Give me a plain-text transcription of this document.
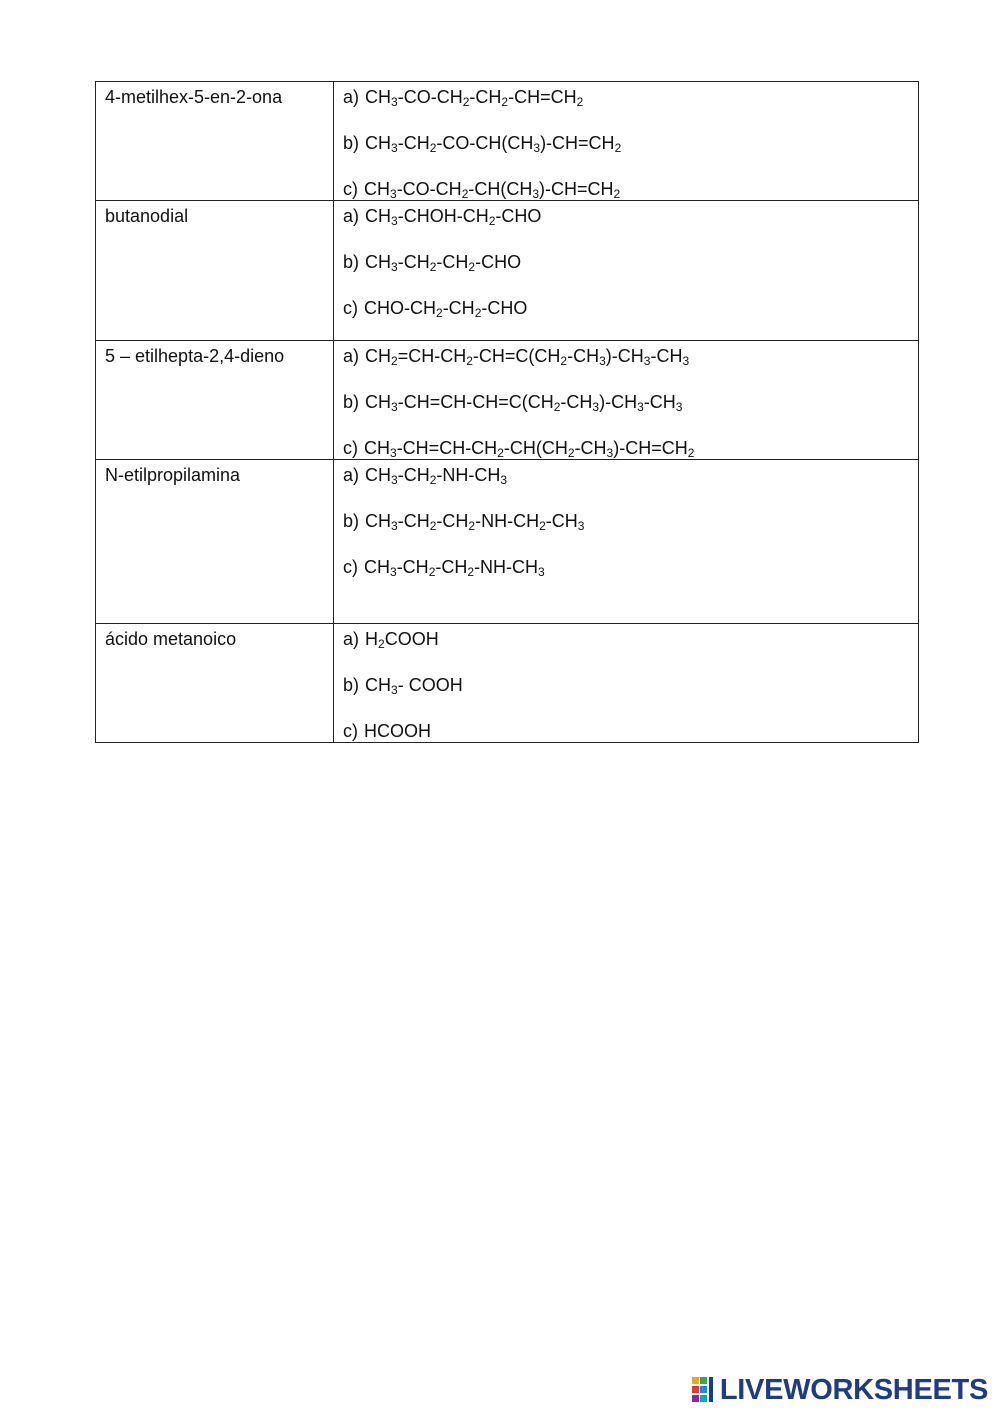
4-metilhex-5-en-2-ona	a) $CH_3-CO-CH_2-CH_2-CH=CH_2$
b) $CH_3-CH_2-CO-CH(CH_3)-CH=CH_2$
c) $CH_3-CO-CH_2-CH(CH_3)-CH=CH_2$

butanodial	a) $CH_3-CHOH-CH_2$-CHO
b) $CH_3-CH_2-CH_2$-CHO
c) CHO-$CH_2-CH_2$-CHO

5 – etilhepta-2,4-dieno	a) $CH_2=CH-CH_2-CH=C(CH_2-CH_3)-CH_3-CH_3$
b) $CH_3-CH=CH-CH=C(CH_2-CH_3)-CH_3-CH_3$
c) $CH_3-CH=CH-CH_2-CH(CH_2-CH_3)-CH=CH_2$

N-etilpropilamina	a) $CH_3-CH_2-NH-CH_3$
b) $CH_3-CH_2-CH_2-NH-CH_2-CH_3$
c) $CH_3-CH_2-CH_2-NH-CH_3$

ácido metanoico	a) $H_2COOH$
b) $CH_3-$ COOH
c) HCOOH
LIVEWORKSHEETS
